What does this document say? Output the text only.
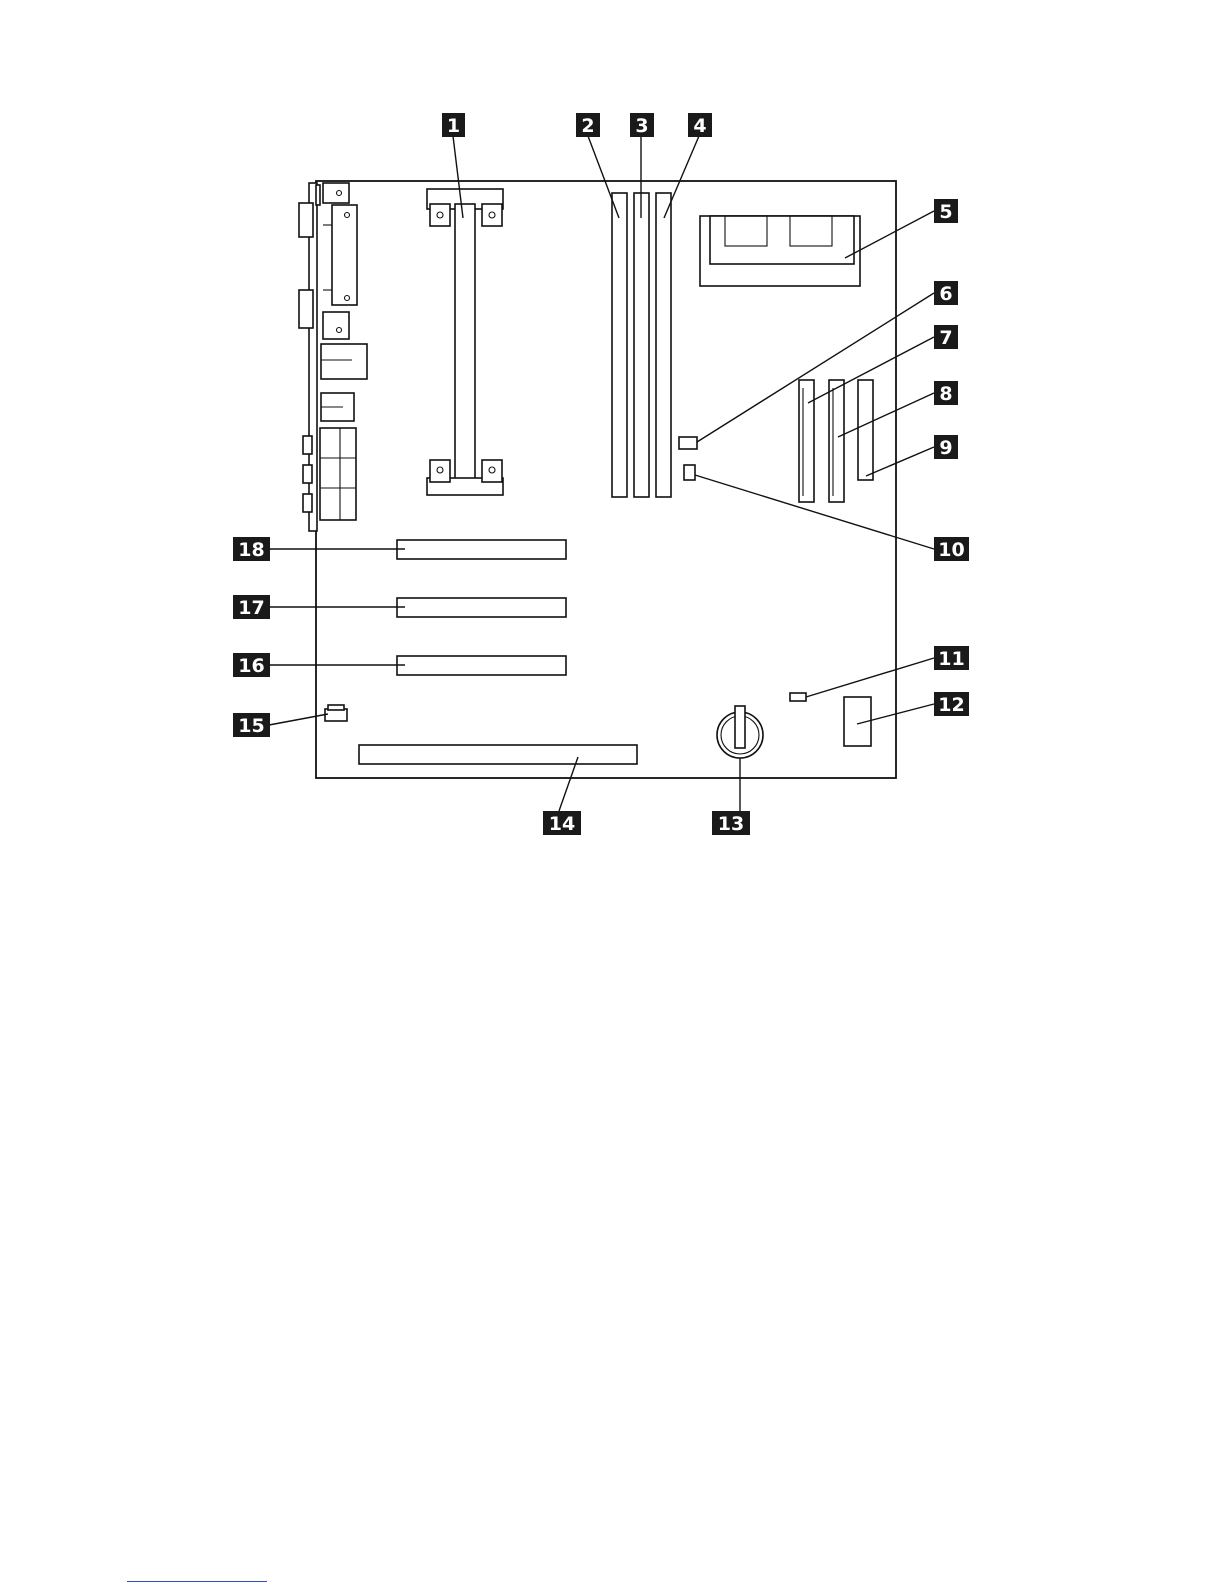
1	2 3 4
5
6
7
8
9
10
11
12
13
14
15
16
17
18
